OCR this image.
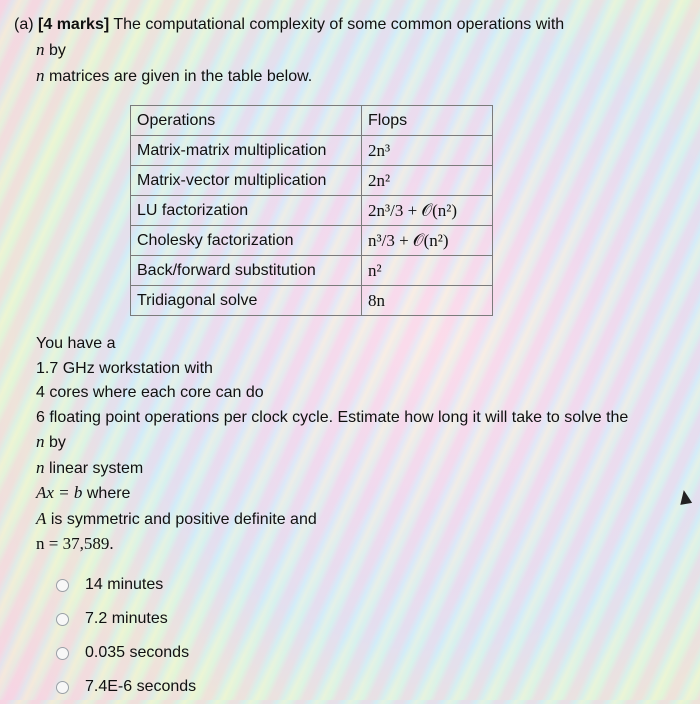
(a) [4 marks] The computational complexity of some common operations with
n by
n matrices are given in the table below.
Operations	Flops
Matrix-matrix multiplication	2n³
Matrix-vector multiplication	2n²
LU factorization	2n³/3 + 𝒪(n²)
Cholesky factorization	n³/3 + 𝒪(n²)
Back/forward substitution	n²
Tridiagonal solve	8n
You have a
1.7 GHz workstation with
4 cores where each core can do
6 floating point operations per clock cycle. Estimate how long it will take to solve the
n by
n linear system
Ax = b where
A is symmetric and positive definite and
n = 37,589.
14 minutes
7.2 minutes
0.035 seconds
7.4E-6 seconds
